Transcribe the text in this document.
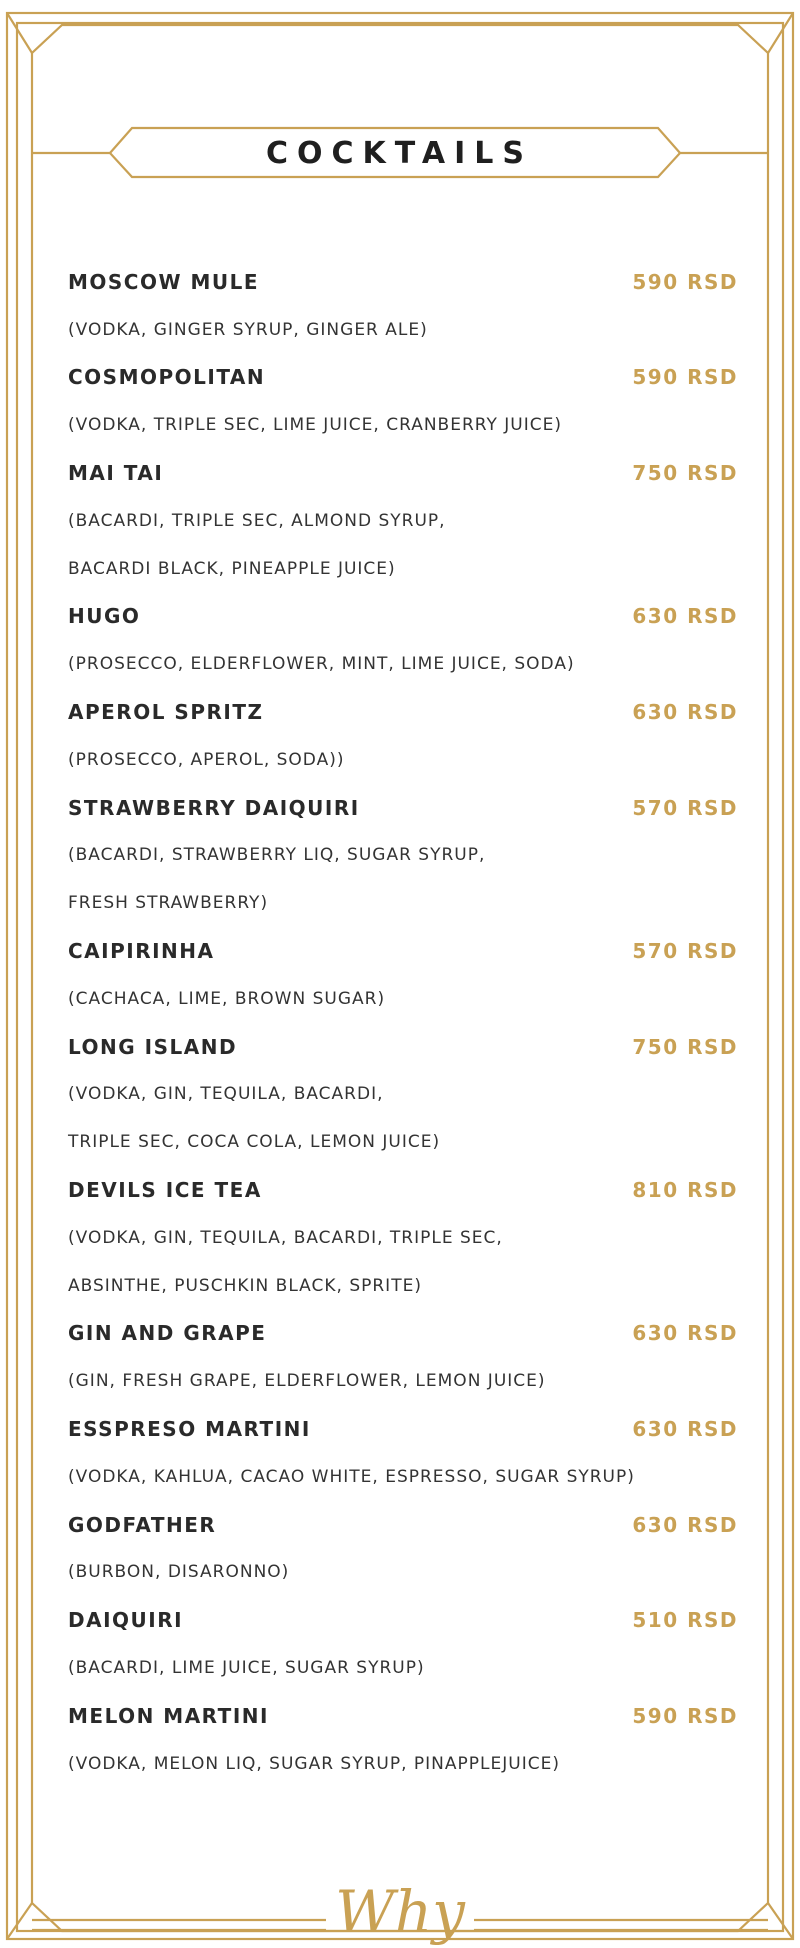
COCKTAILS
MOSCOW MULE	590 RSD
(VODKA, GINGER SYRUP, GINGER ALE)
COSMOPOLITAN	590 RSD
(VODKA, TRIPLE SEC, LIME JUICE, CRANBERRY JUICE)
MAI TAI	750 RSD
(BACARDI, TRIPLE SEC, ALMOND SYRUP,
BACARDI BLACK, PINEAPPLE JUICE)
HUGO	630 RSD
(PROSECCO, ELDERFLOWER, MINT, LIME JUICE, SODA)
APEROL SPRITZ	630 RSD
(PROSECCO, APEROL, SODA))
STRAWBERRY DAIQUIRI	570 RSD
(BACARDI, STRAWBERRY LIQ, SUGAR SYRUP,
FRESH STRAWBERRY)
CAIPIRINHA	570 RSD
(CACHACA, LIME, BROWN SUGAR)
LONG ISLAND	750 RSD
(VODKA, GIN, TEQUILA, BACARDI,
TRIPLE SEC, COCA COLA, LEMON JUICE)
DEVILS ICE TEA	810 RSD
(VODKA, GIN, TEQUILA, BACARDI, TRIPLE SEC,
ABSINTHE, PUSCHKIN BLACK, SPRITE)
GIN AND GRAPE	630 RSD
(GIN, FRESH GRAPE, ELDERFLOWER, LEMON JUICE)
ESSPRESO MARTINI	630 RSD
(VODKA, KAHLUA, CACAO WHITE, ESPRESSO, SUGAR SYRUP)
GODFATHER	630 RSD
(BURBON, DISARONNO)
DAIQUIRI	510 RSD
(BACARDI, LIME JUICE, SUGAR SYRUP)
MELON MARTINI	590 RSD
(VODKA, MELON LIQ, SUGAR SYRUP, PINAPPLEJUICE)
Why
